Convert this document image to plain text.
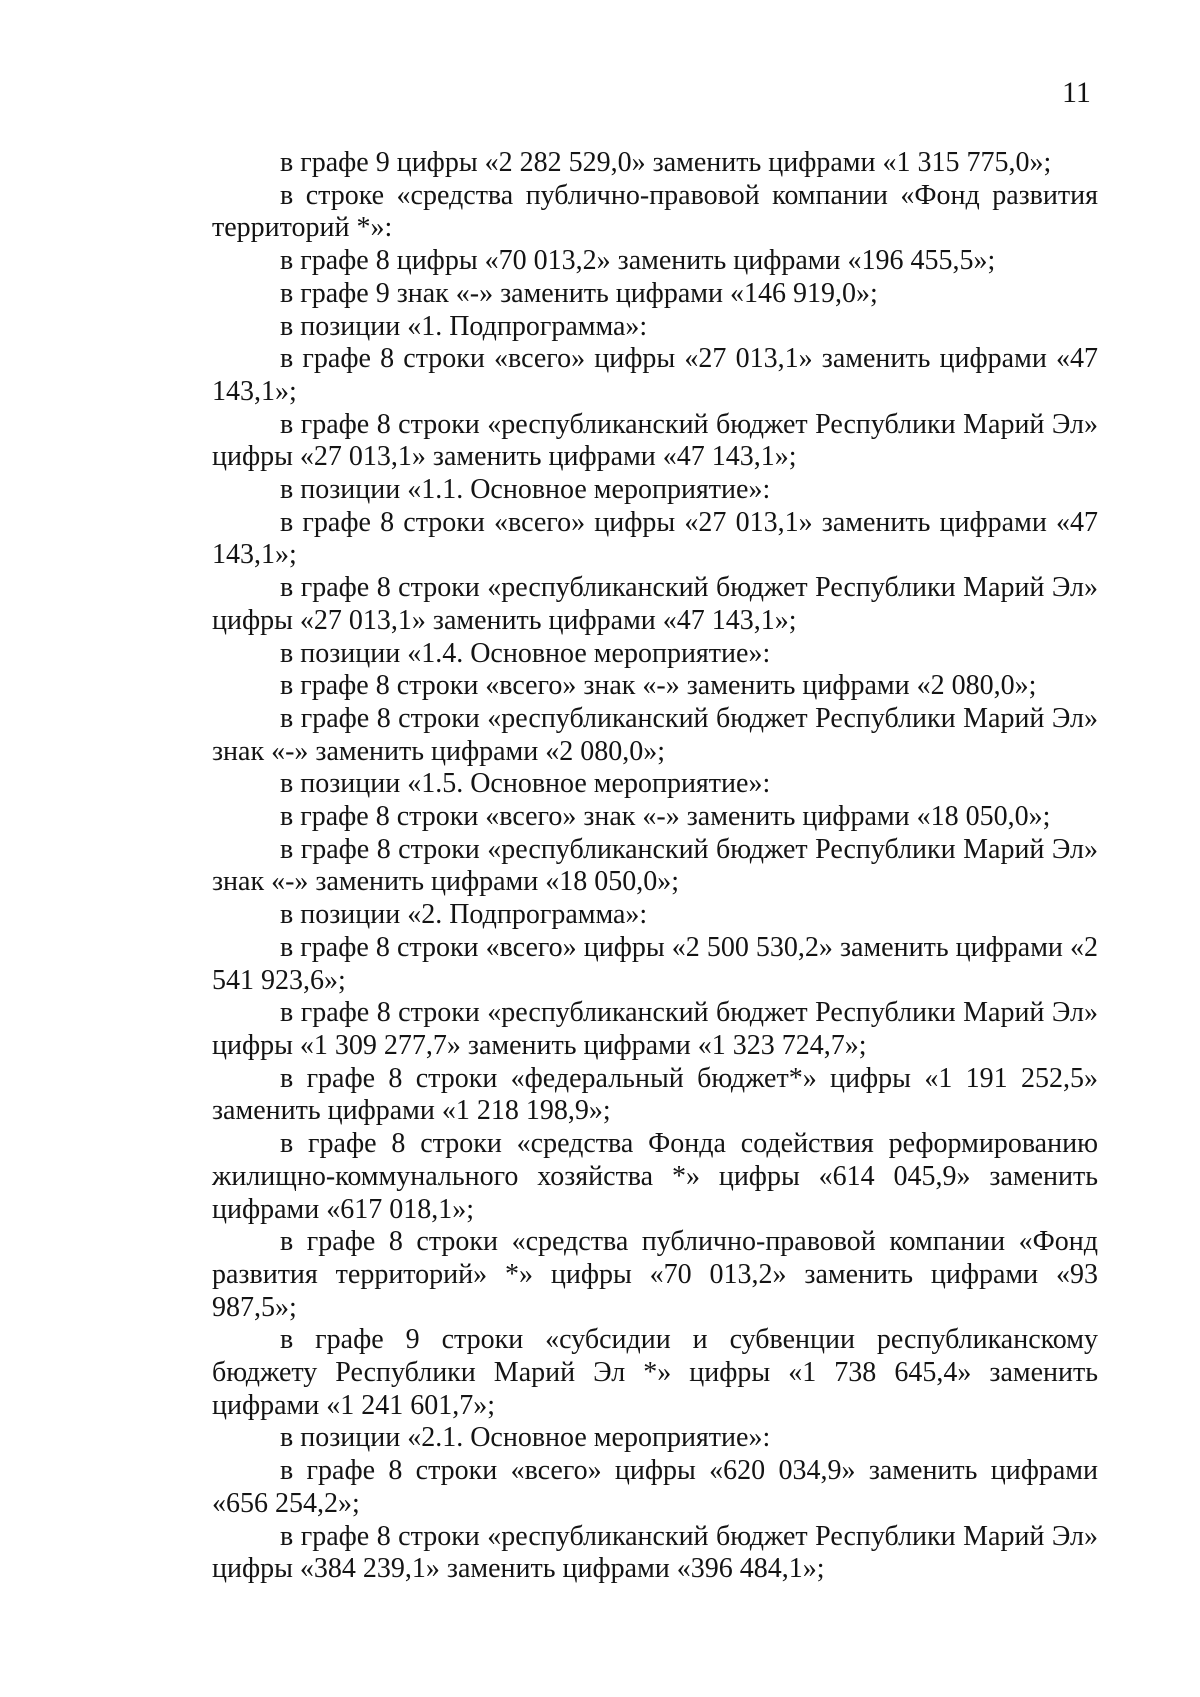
11

в графе 9 цифры «2 282 529,0» заменить цифрами «1 315 775,0»;

в строке «средства публично-правовой компании «Фонд развития территорий *»:

в графе 8 цифры «70 013,2» заменить цифрами «196 455,5»;

в графе 9 знак «-» заменить цифрами «146 919,0»;

в позиции «1. Подпрограмма»:

в графе 8 строки «всего» цифры «27 013,1» заменить цифрами «47 143,1»;

в графе 8 строки «республиканский бюджет Республики Марий Эл» цифры «27 013,1» заменить цифрами «47 143,1»;

в позиции «1.1. Основное мероприятие»:

в графе 8 строки «всего» цифры «27 013,1» заменить цифрами «47 143,1»;

в графе 8 строки «республиканский бюджет Республики Марий Эл» цифры «27 013,1» заменить цифрами «47 143,1»;

в позиции «1.4. Основное мероприятие»:

в графе 8 строки «всего» знак «-» заменить цифрами «2 080,0»;

в графе 8 строки «республиканский бюджет Республики Марий Эл» знак «-» заменить цифрами «2 080,0»;

в позиции «1.5. Основное мероприятие»:

в графе 8 строки «всего» знак «-» заменить цифрами «18 050,0»;

в графе 8 строки «республиканский бюджет Республики Марий Эл» знак «-» заменить цифрами «18 050,0»;

в позиции «2. Подпрограмма»:

в графе 8 строки «всего» цифры «2 500 530,2» заменить цифрами «2 541 923,6»;

в графе 8 строки «республиканский бюджет Республики Марий Эл» цифры «1 309 277,7» заменить цифрами «1 323 724,7»;

в графе 8 строки «федеральный бюджет*» цифры «1 191 252,5» заменить цифрами «1 218 198,9»;

в графе 8 строки «средства Фонда содействия реформированию жилищно-коммунального хозяйства *» цифры «614 045,9» заменить цифрами «617 018,1»;

в графе 8 строки «средства публично-правовой компании «Фонд развития территорий» *» цифры «70 013,2» заменить цифрами «93 987,5»;

в графе 9 строки «субсидии и субвенции республиканскому бюджету Республики Марий Эл *» цифры «1 738 645,4» заменить цифрами «1 241 601,7»;

в позиции «2.1. Основное мероприятие»:

в графе 8 строки «всего» цифры «620 034,9» заменить цифрами «656 254,2»;

в графе 8 строки «республиканский бюджет Республики Марий Эл» цифры «384 239,1» заменить цифрами «396 484,1»;
